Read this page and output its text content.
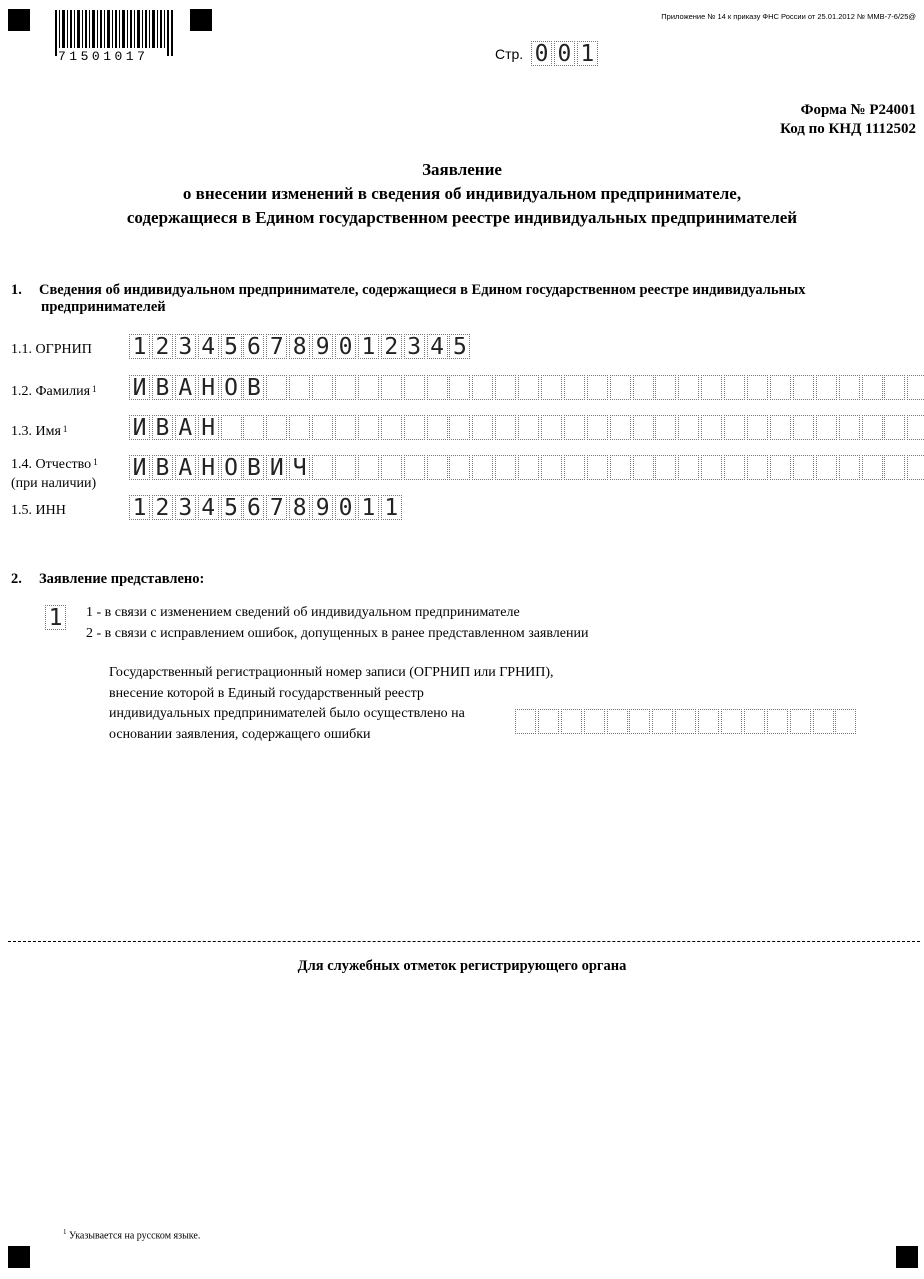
71501017
Приложение № 14 к приказу ФНС России от 25.01.2012 № ММВ-7-6/25@
Стр. 0 0 1
Форма № Р24001
Код по КНД 1112502
Заявление
о внесении изменений в сведения об индивидуальном предпринимателе,
содержащиеся в Едином государственном реестре индивидуальных предпринимателей
1. Сведения об индивидуальном предпринимателе, содержащиеся в Едином государственном реестре индивидуальных
предпринимателей
1.1. ОГРНИП 1 2 3 4 5 6 7 8 9 0 1 2 3 4 5
1.2. Фамилия $^1$ И В А Н О В
1.3. Имя $^1$	И В А Н
1.4. Отчество $^1$
(при наличии)
И В А Н О В И Ч
1.5. ИНН	1 2 3 4 5 6 7 8 9 0 1 1
2. Заявление представлено:
1 1 - в связи с изменением сведений об индивидуальном предпринимателе
2 - в связи с исправлением ошибок, допущенных в ранее представленном заявлении
Государственный регистрационный номер записи (ОГРНИП или ГРНИП),
внесение которой в Единый государственный реестр
индивидуальных предпринимателей было осуществлено на
основании заявления, содержащего ошибки
Для служебных отметок регистрирующего органа
$^1$ Указывается на русском языке.
